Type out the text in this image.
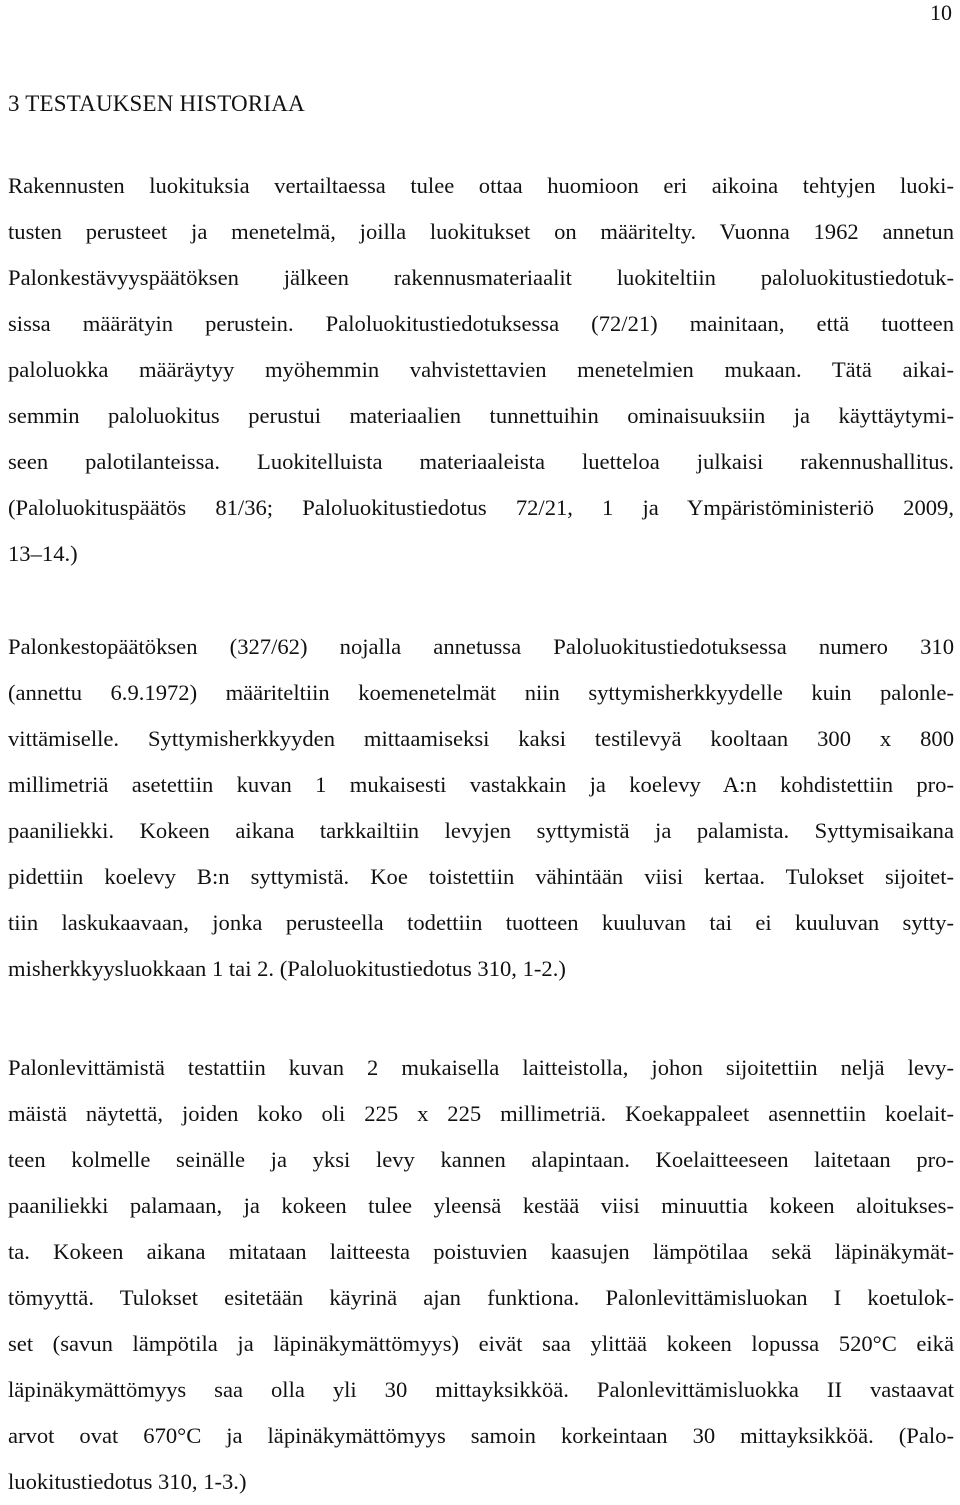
10
3 TESTAUKSEN HISTORIAA
Rakennusten luokituksia vertailtaessa tulee ottaa huomioon eri aikoina tehtyjen luoki-
tusten perusteet ja menetelmä, joilla luokitukset on määritelty. Vuonna 1962 annetun
Palonkestävyyspäätöksen jälkeen rakennusmateriaalit luokiteltiin paloluokitustiedotuk-
sissa määrätyin perustein. Paloluokitustiedotuksessa (72/21) mainitaan, että tuotteen
paloluokka määräytyy myöhemmin vahvistettavien menetelmien mukaan. Tätä aikai-
semmin paloluokitus perustui materiaalien tunnettuihin ominaisuuksiin ja käyttäytymi-
seen palotilanteissa. Luokitelluista materiaaleista luetteloa julkaisi rakennushallitus.
(Paloluokituspäätös 81/36; Paloluokitustiedotus 72/21, 1 ja Ympäristöministeriö 2009,
13–14.)
Palonkestopäätöksen (327/62) nojalla annetussa Paloluokitustiedotuksessa numero 310
(annettu 6.9.1972) määriteltiin koemenetelmät niin syttymisherkkyydelle kuin palonle-
vittämiselle. Syttymisherkkyyden mittaamiseksi kaksi testilevyä kooltaan 300 x 800
millimetriä asetettiin kuvan 1 mukaisesti vastakkain ja koelevy A:n kohdistettiin pro-
paaniliekki. Kokeen aikana tarkkailtiin levyjen syttymistä ja palamista. Syttymisaikana
pidettiin koelevy B:n syttymistä. Koe toistettiin vähintään viisi kertaa. Tulokset sijoitet-
tiin laskukaavaan, jonka perusteella todettiin tuotteen kuuluvan tai ei kuuluvan sytty-
misherkkyysluokkaan 1 tai 2. (Paloluokitustiedotus 310, 1-2.)
Palonlevittämistä testattiin kuvan 2 mukaisella laitteistolla, johon sijoitettiin neljä levy-
mäistä näytettä, joiden koko oli 225 x 225 millimetriä. Koekappaleet asennettiin koelait-
teen kolmelle seinälle ja yksi levy kannen alapintaan. Koelaitteeseen laitetaan pro-
paaniliekki palamaan, ja kokeen tulee yleensä kestää viisi minuuttia kokeen aloitukses-
ta. Kokeen aikana mitataan laitteesta poistuvien kaasujen lämpötilaa sekä läpinäkymät-
tömyyttä. Tulokset esitetään käyrinä ajan funktiona. Palonlevittämisluokan I koetulok-
set (savun lämpötila ja läpinäkymättömyys) eivät saa ylittää kokeen lopussa 520°C eikä
läpinäkymättömyys saa olla yli 30 mittayksikköä. Palonlevittämisluokka II vastaavat
arvot ovat 670°C ja läpinäkymättömyys samoin korkeintaan 30 mittayksikköä. (Palo-
luokitustiedotus 310, 1-3.)
